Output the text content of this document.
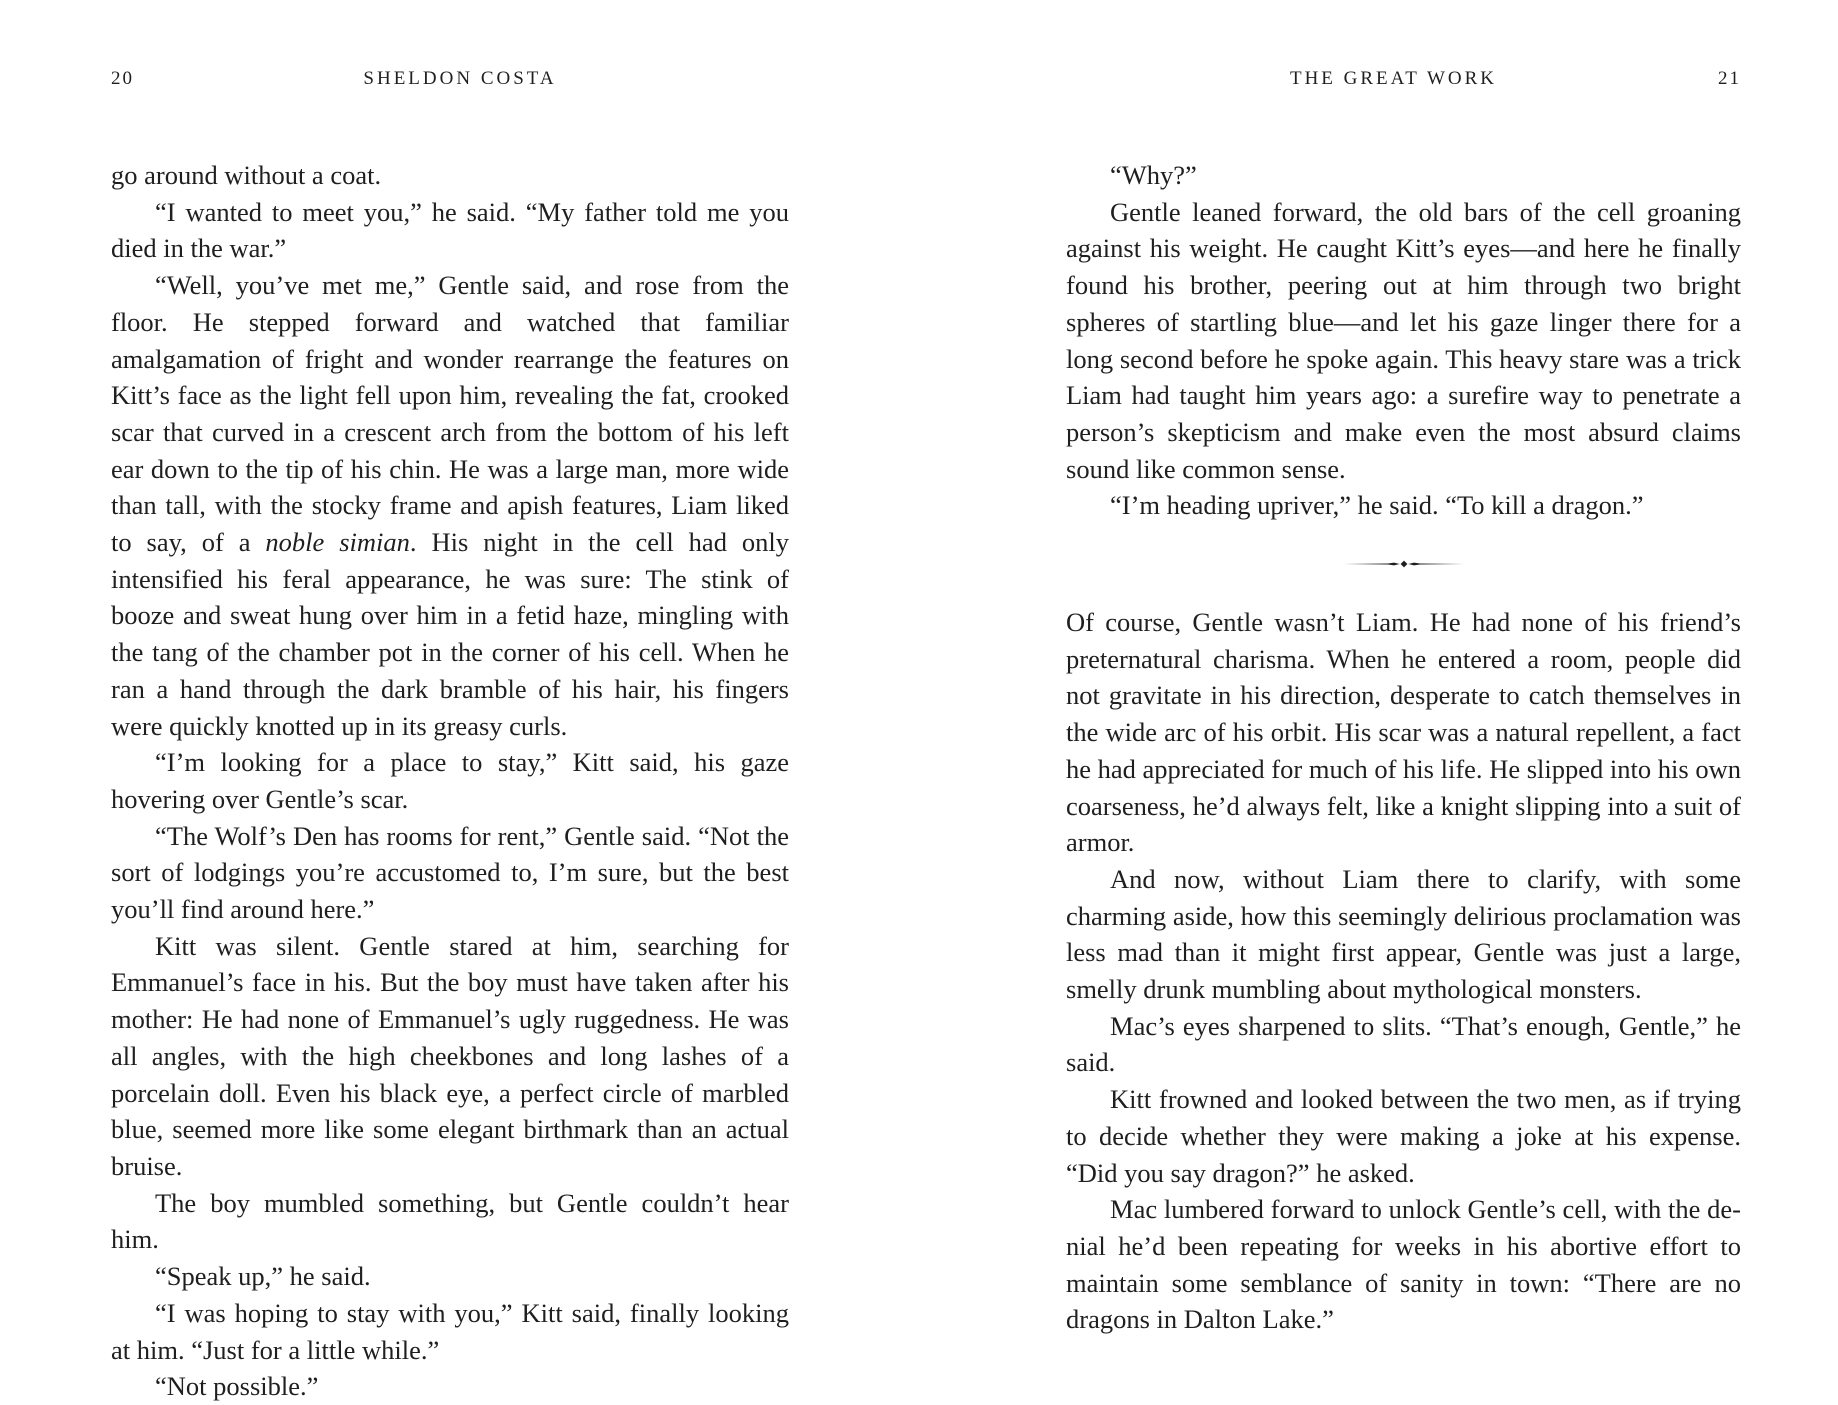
20	SHELDON COSTA

go around without a coat.

“I wanted to meet you,” he said. “My father told me you died in the war.”

“Well, you’ve met me,” Gentle said, and rose from the floor. He stepped forward and watched that familiar amalgamation of fright and wonder rearrange the features on Kitt’s face as the light fell upon him, revealing the fat, crooked scar that curved in a crescent arch from the bottom of his left ear down to the tip of his chin. He was a large man, more wide than tall, with the stocky frame and apish features, Liam liked to say, of a noble simian. His night in the cell had only intensified his feral appearance, he was sure: The stink of booze and sweat hung over him in a fetid haze, mingling with the tang of the chamber pot in the corner of his cell. When he ran a hand through the dark bramble of his hair, his fingers were quickly knotted up in its greasy curls.

“I’m looking for a place to stay,” Kitt said, his gaze hovering over Gentle’s scar.

“The Wolf’s Den has rooms for rent,” Gentle said. “Not the sort of lodgings you’re accustomed to, I’m sure, but the best you’ll find around here.”

Kitt was silent. Gentle stared at him, searching for Emmanuel’s face in his. But the boy must have taken after his mother: He had none of Emmanuel’s ugly ruggedness. He was all angles, with the high cheekbones and long lashes of a porcelain doll. Even his black eye, a perfect circle of marbled blue, seemed more like some elegant birthmark than an actual bruise.

The boy mumbled something, but Gentle couldn’t hear him.

“Speak up,” he said.

“I was hoping to stay with you,” Kitt said, finally looking at him. “Just for a little while.”

“Not possible.”

THE GREAT WORK	21

“Why?”

Gentle leaned forward, the old bars of the cell groaning against his weight. He caught Kitt’s eyes—and here he finally found his brother, peering out at him through two bright spheres of startling blue—and let his gaze linger there for a long second before he spoke again. This heavy stare was a trick Liam had taught him years ago: a surefire way to penetrate a person’s skepticism and make even the most absurd claims sound like common sense.

“I’m heading upriver,” he said. “To kill a dragon.”

Of course, Gentle wasn’t Liam. He had none of his friend’s preternatural charisma. When he entered a room, people did not gravitate in his direction, desperate to catch themselves in the wide arc of his orbit. His scar was a natural repellent, a fact he had appreciated for much of his life. He slipped into his own coarseness, he’d always felt, like a knight slipping into a suit of armor.

And now, without Liam there to clarify, with some charming aside, how this seemingly delirious proclamation was less mad than it might first appear, Gentle was just a large, smelly drunk mumbling about mythological monsters.

Mac’s eyes sharpened to slits. “That’s enough, Gentle,” he said.

Kitt frowned and looked between the two men, as if trying to decide whether they were making a joke at his expense. “Did you say dragon?” he asked.

Mac lumbered forward to unlock Gentle’s cell, with the denial he’d been repeating for weeks in his abortive effort to maintain some semblance of sanity in town: “There are no dragons in Dalton Lake.”
